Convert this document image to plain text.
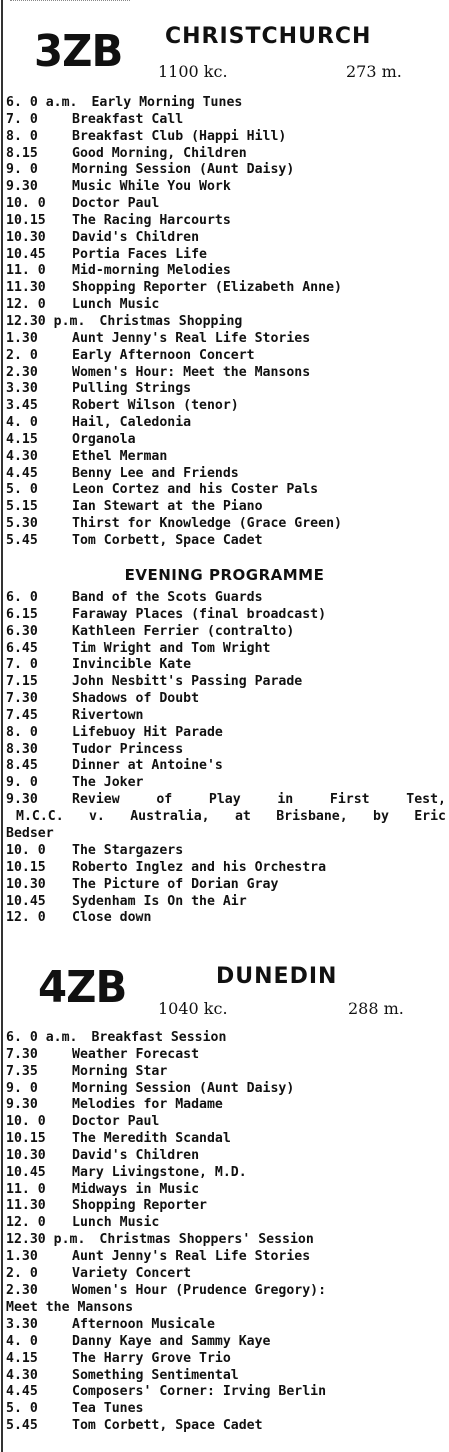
3ZB CHRISTCHURCH
1100 kc.	273 m.
6. 0 a.m.	Early Morning Tunes
7. 0	Breakfast Call
8. 0	Breakfast Club (Happi Hill)
8.15	Good Morning, Children
9. 0	Morning Session (Aunt Daisy)
9.30	Music While You Work
10. 0	Doctor Paul
10.15	The Racing Harcourts
10.30	David's Children
10.45	Portia Faces Life
11. 0	Mid-morning Melodies
11.30	Shopping Reporter (Elizabeth Anne)
12. 0	Lunch Music
12.30 p.m.	Christmas Shopping
1.30	Aunt Jenny's Real Life Stories
2. 0	Early Afternoon Concert
2.30	Women's Hour: Meet the Mansons
3.30	Pulling Strings
3.45	Robert Wilson (tenor)
4. 0	Hail, Caledonia
4.15	Organola
4.30	Ethel Merman
4.45	Benny Lee and Friends
5. 0	Leon Cortez and his Coster Pals
5.15	Ian Stewart at the Piano
5.30	Thirst for Knowledge (Grace Green)
5.45	Tom Corbett, Space Cadet
EVENING PROGRAMME
6. 0	Band of the Scots Guards
6.15	Faraway Places (final broadcast)
6.30	Kathleen Ferrier (contralto)
6.45	Tim Wright and Tom Wright
7. 0	Invincible Kate
7.15	John Nesbitt's Passing Parade
7.30	Shadows of Doubt
7.45	Rivertown
8. 0	Lifebuoy Hit Parade
8.30	Tudor Princess
8.45	Dinner at Antoine's
9. 0	The Joker
9.30	Review of Play in First Test,
M.C.C. v. Australia, at Brisbane, by Eric
Bedser
10. 0	The Stargazers
10.15	Roberto Inglez and his Orchestra
10.30	The Picture of Dorian Gray
10.45	Sydenham Is On the Air
12. 0	Close down
4ZB	DUNEDIN
1040 kc.	288 m.
6. 0 a.m.	Breakfast Session
7.30	Weather Forecast
7.35	Morning Star
9. 0	Morning Session (Aunt Daisy)
9.30	Melodies for Madame
10. 0	Doctor Paul
10.15	The Meredith Scandal
10.30	David's Children
10.45	Mary Livingstone, M.D.
11. 0	Midways in Music
11.30	Shopping Reporter
12. 0	Lunch Music
12.30 p.m.	Christmas Shoppers' Session
1.30	Aunt Jenny's Real Life Stories
2. 0	Variety Concert
2.30	Women's Hour (Prudence Gregory):
Meet the Mansons
3.30	Afternoon Musicale
4. 0	Danny Kaye and Sammy Kaye
4.15	The Harry Grove Trio
4.30	Something Sentimental
4.45	Composers' Corner: Irving Berlin
5. 0	Tea Tunes
5.45	Tom Corbett, Space Cadet
